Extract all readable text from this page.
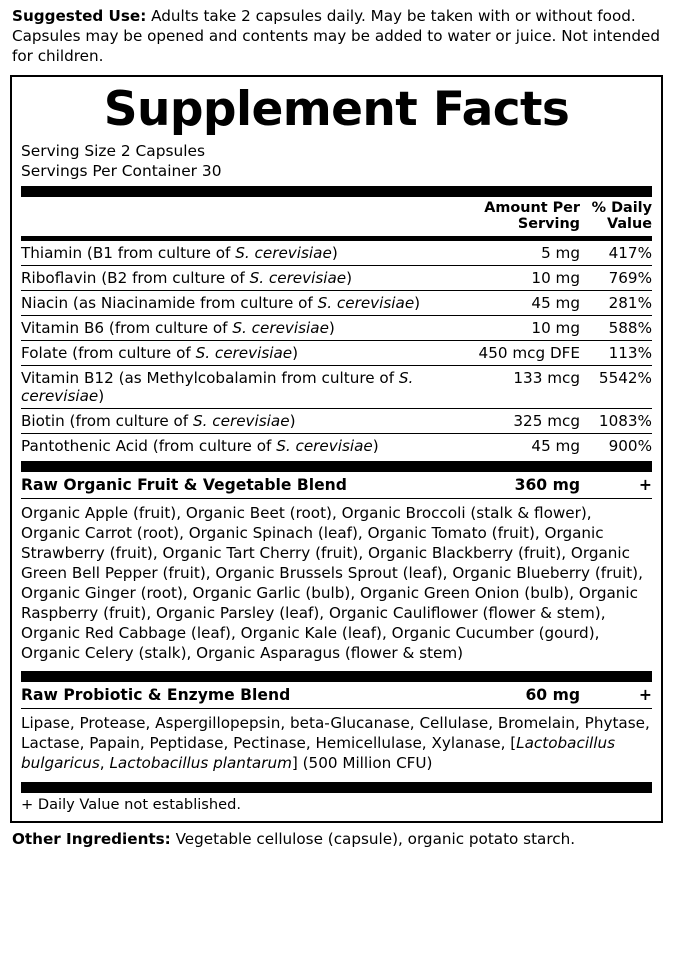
Suggested Use: Adults take 2 capsules daily. May be taken with or without food. Capsules may be opened and contents may be added to water or juice. Not intended for children.
Supplement Facts
Serving Size 2 Capsules
Servings Per Container 30

Amount Per
Serving

% Daily
Value
Thiamin (B1 from culture of S. cerevisiae)	5 mg	417%
Riboflavin (B2 from culture of S. cerevisiae)	10 mg	769%
Niacin (as Niacinamide from culture of S. cerevisiae)	45 mg	281%
Vitamin B6 (from culture of S. cerevisiae)	10 mg	588%
Folate (from culture of S. cerevisiae)	450 mcg DFE	113%
Vitamin B12 (as Methylcobalamin from culture of S. cerevisiae)	133 mcg	5542%
Biotin (from culture of S. cerevisiae)	325 mcg	1083%
Pantothenic Acid (from culture of S. cerevisiae)	45 mg	900%
Raw Organic Fruit & Vegetable Blend	360 mg	+
Organic Apple (fruit), Organic Beet (root), Organic Broccoli (stalk & flower), Organic Carrot (root), Organic Spinach (leaf), Organic Tomato (fruit), Organic Strawberry (fruit), Organic Tart Cherry (fruit), Organic Blackberry (fruit), Organic Green Bell Pepper (fruit), Organic Brussels Sprout (leaf), Organic Blueberry (fruit), Organic Ginger (root), Organic Garlic (bulb), Organic Green Onion (bulb), Organic Raspberry (fruit), Organic Parsley (leaf), Organic Cauliflower (flower & stem), Organic Red Cabbage (leaf), Organic Kale (leaf), Organic Cucumber (gourd), Organic Celery (stalk), Organic Asparagus (flower & stem)
Raw Probiotic & Enzyme Blend	60 mg	+
Lipase, Protease, Aspergillopepsin, beta-Glucanase, Cellulase, Bromelain, Phytase, Lactase, Papain, Peptidase, Pectinase, Hemicellulase, Xylanase, [Lactobacillus bulgaricus, Lactobacillus plantarum] (500 Million CFU)
+ Daily Value not established.
Other Ingredients: Vegetable cellulose (capsule), organic potato starch.
